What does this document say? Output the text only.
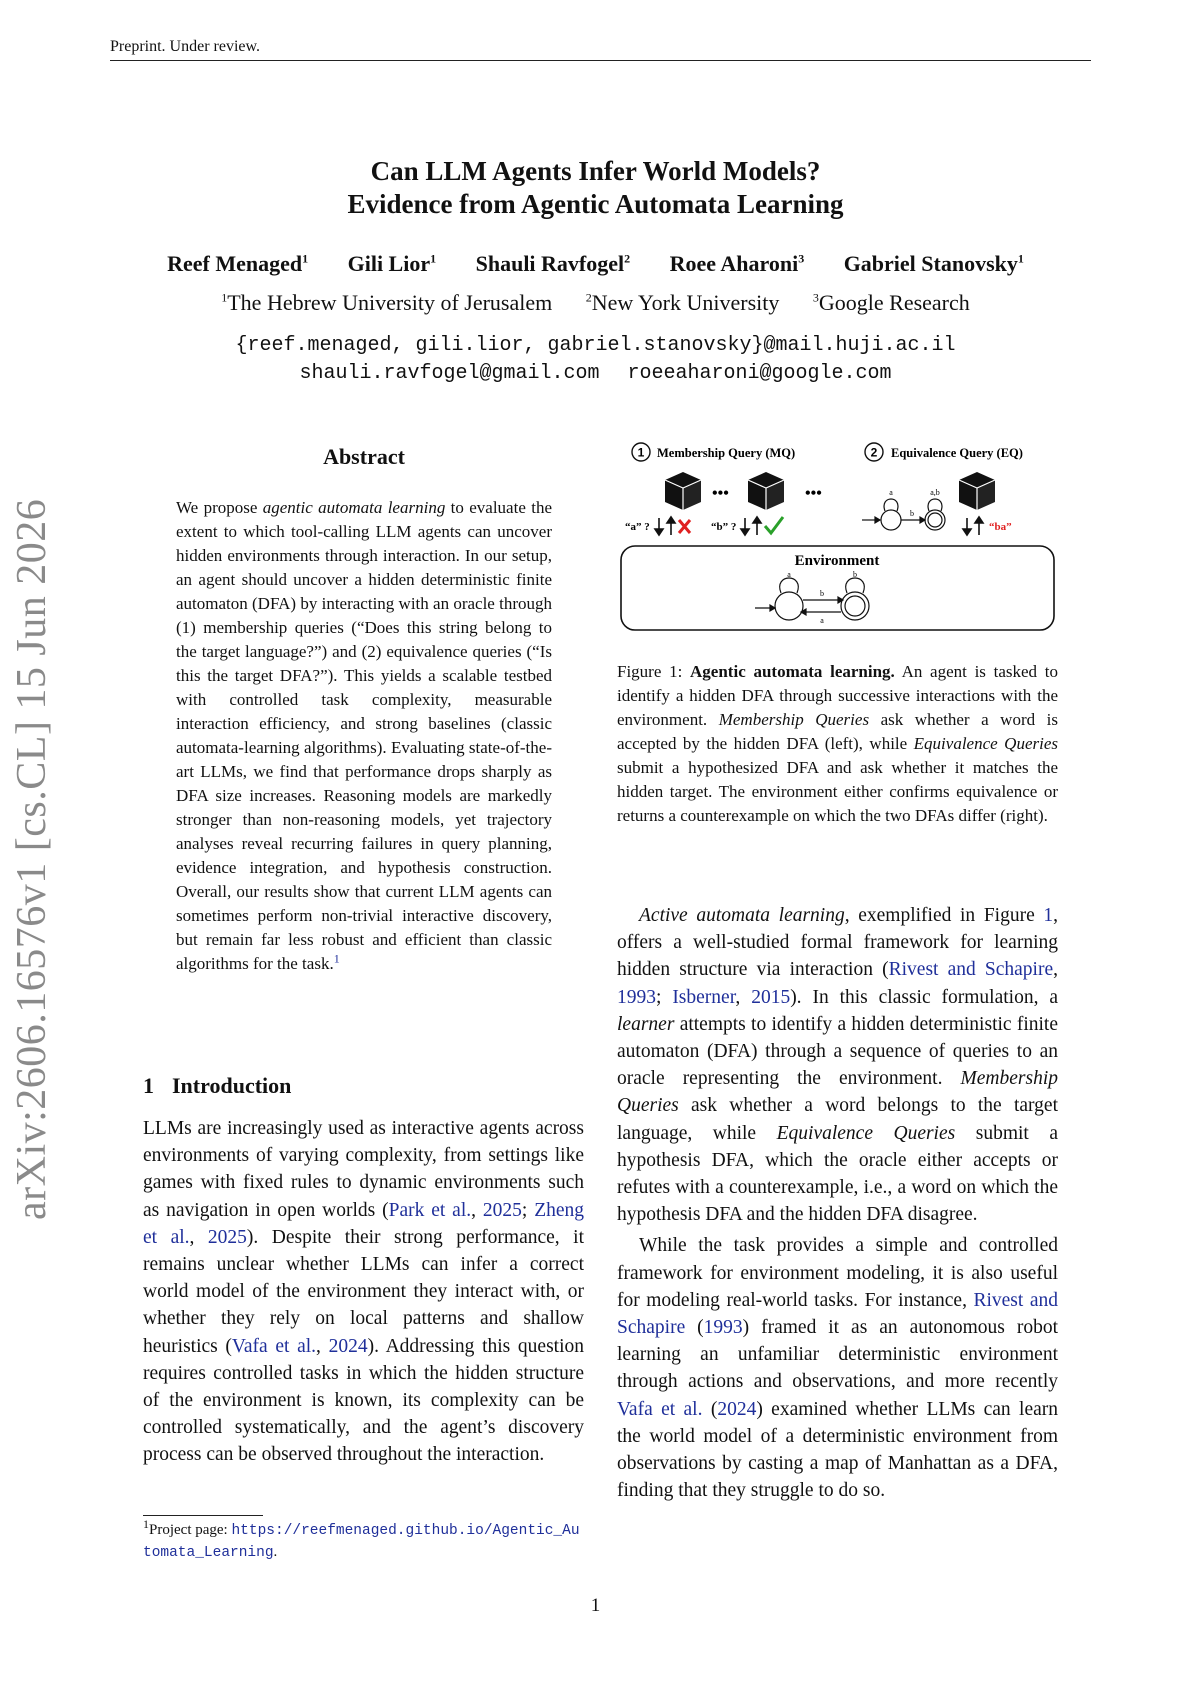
Preprint. Under review.
Can LLM Agents Infer World Models?
Evidence from Agentic Automata Learning
Reef Menaged$^1$ Gili Lior$^1$ Shauli Ravfogel$^2$ Roee Aharoni$^3$ Gabriel Stanovsky$^1$
$^1$The Hebrew University of Jerusalem	$^2$New York University	$^3$Google Research
{reef.menaged, gili.lior, gabriel.stanovsky}@mail.huji.ac.il
shauli.ravfogel@gmail.com roeeaharoni@google.com
arXiv:2606.16576v1 [cs.CL] 15 Jun 2026
Abstract
We propose agentic automata learning to evaluate the extent to which tool-calling LLM agents can uncover hidden environments through interaction. In our setup, an agent should uncover a hidden deterministic finite automaton (DFA) by interacting with an oracle through (1) membership queries (“Does this string belong to the target language?”) and (2) equivalence queries (“Is this the target DFA?”). This yields a scalable testbed with controlled task complexity, measurable interaction efficiency, and strong baselines (classic automata-learning algorithms). Evaluating state-of-the-art LLMs, we find that performance drops sharply as DFA size increases. Reasoning models are markedly stronger than non-reasoning models, yet trajectory analyses reveal recurring failures in query planning, evidence integration, and hypothesis construction. Overall, our results show that current LLM agents can sometimes perform non-trivial interactive discovery, but remain far less robust and efficient than classic algorithms for the task.$^1$
1 Introduction

LLMs are increasingly used as interactive agents across environments of varying complexity, from settings like games with fixed rules to dynamic environments such as navigation in open worlds (Park et al., 2025; Zheng et al., 2025). Despite their strong performance, it remains unclear whether LLMs can infer a correct world model of the environment they interact with, or whether they rely on local patterns and shallow heuristics (Vafa et al., 2024). Addressing this question requires controlled tasks in which the hidden structure of the environment is known, its complexity can be controlled systematically, and the agent’s discovery process can be observed throughout the interaction.

$^1$Project page: https://reefmenaged.github.io/Agentic_Automata_Learning.
1 Membership Query (MQ)	2 Equivalence Query (EQ)
•••	•••
“a” ?	“b” ?
a
b
a,b
“ba”
Environment
a
b
a
b
Figure 1: Agentic automata learning. An agent is tasked to identify a hidden DFA through successive interactions with the environment. Membership Queries ask whether a word is accepted by the hidden DFA (left), while Equivalence Queries submit a hypothesized DFA and ask whether it matches the hidden target. The environment either confirms equivalence or returns a counterexample on which the two DFAs differ (right).

Active automata learning, exemplified in Figure 1, offers a well-studied formal framework for learning hidden structure via interaction (Rivest and Schapire, 1993; Isberner, 2015). In this classic formulation, a learner attempts to identify a hidden deterministic finite automaton (DFA) through a sequence of queries to an oracle representing the environment. Membership Queries ask whether a word belongs to the target language, while Equivalence Queries submit a hypothesis DFA, which the oracle either accepts or refutes with a counterexample, i.e., a word on which the hypothesis DFA and the hidden DFA disagree.

While the task provides a simple and controlled framework for environment modeling, it is also useful for modeling real-world tasks. For instance, Rivest and Schapire (1993) framed it as an autonomous robot learning an unfamiliar deterministic environment through actions and observations, and more recently Vafa et al. (2024) examined whether LLMs can learn the world model of a deterministic environment from observations by casting a map of Manhattan as a DFA, finding that they struggle to do so.

1
